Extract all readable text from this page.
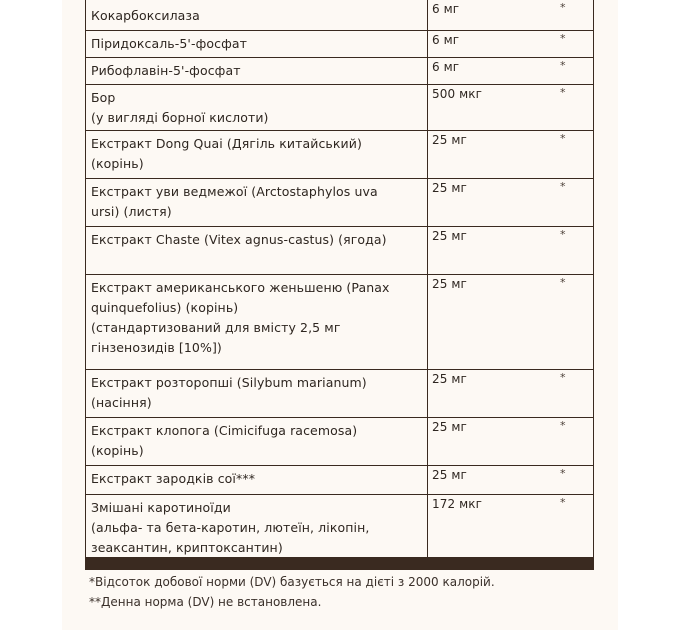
Кокарбоксилаза	6 мг	*
Піридоксаль-5'-фосфат	6 мг	*
Рибофлавін-5'-фосфат	6 мг	*
Бор
(у вигляді борної кислоти)
500 мкг	*
Екстракт Dong Quai (Дягіль китайський)
(корінь)
25 мг	*
Екстракт уви ведмежої (Arctostaphylos uva
ursi) (листя)
25 мг	*
Екстракт Chaste (Vitex agnus-castus) (ягода)	25 мг	*
Екстракт американського женьшеню (Panax
quinquefolius) (корінь)
(стандартизований для вмісту 2,5 мг
гінзенозидів [10%])
25 мг	*
Екстракт розторопші (Silybum marianum)
(насіння)
25 мг	*
Екстракт клопога (Cimicifuga racemosa)
(корінь)
25 мг	*
Екстракт зародків сої***	25 мг	*
Змішані каротиноїди
(альфа- та бета-каротин, лютеїн, лікопін,
зеаксантин, криптоксантин)
172 мкг	*
*Відсоток добової норми (DV) базується на дієті з 2000 калорій.
**Денна норма (DV) не встановлена.
